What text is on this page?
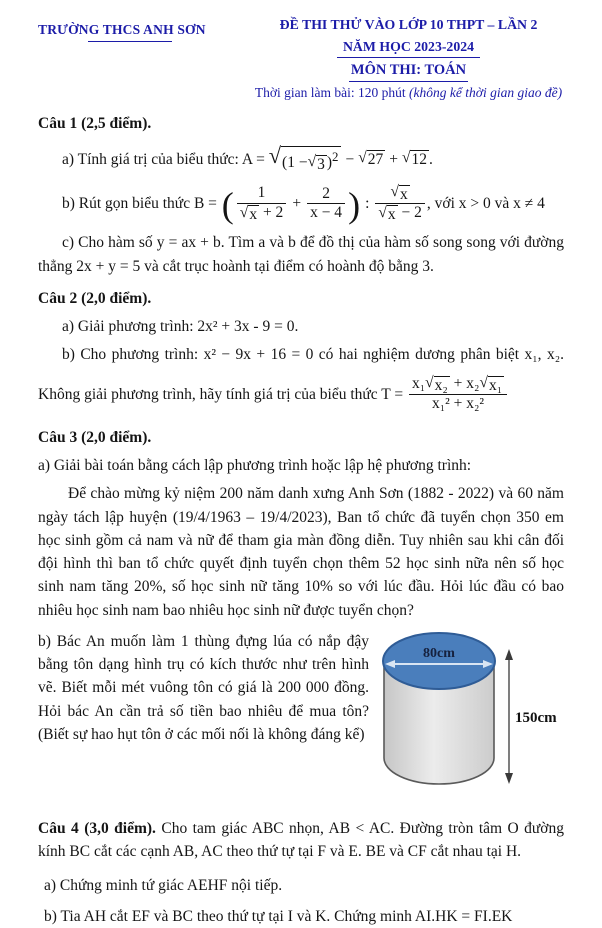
TRƯỜNG THCS ANH SƠN	ĐỀ THI THỬ VÀO LỚP 10 THPT – LẦN 2
NĂM HỌC 2023-2024
MÔN THI: TOÁN
Thời gian làm bài: 120 phút (không kể thời gian giao đề)

Câu 1 (2,5 điểm).

a) Tính giá trị của biểu thức: A =
√ (1 − √ 3 )$^2$ − √ 27 + √ 12 .
b) Rút gọn biểu thức B =
( $\frac{1}{√ x + 2} + \frac{2}{x - 4}$ ) : $\frac{√ x}{√ x - 2}$ , với x > 0 và x ≠ 4

c) Cho hàm số y = ax + b. Tìm a và b để đồ thị của hàm số song song với đường thẳng 2x + y = 5 và cắt trục hoành tại điểm có hoành độ bằng 3.

Câu 2 (2,0 điểm).

a) Giải phương trình: 2x² + 3x - 9 = 0.

b) Cho phương trình: x² − 9x + 16 = 0 có hai nghiệm dương phân biệt x₁, x₂.

Không giải phương trình, hãy tính giá trị của biểu thức T =
$\frac{\text{x₁ √ x₂ + x₂ √ x₁}}{\text{x₁² + x₂²}}$

Câu 3 (2,0 điểm).

a) Giải bài toán bằng cách lập phương trình hoặc lập hệ phương trình:

Để chào mừng kỷ niệm 200 năm danh xưng Anh Sơn (1882 - 2022) và 60 năm ngày tách lập huyện (19/4/1963 – 19/4/2023), Ban tổ chức đã tuyển chọn 350 em học sinh gồm cả nam và nữ để tham gia màn đồng diễn. Tuy nhiên sau khi cân đối đội hình thì ban tổ chức quyết định tuyển chọn thêm 52 học sinh nữa nên số học sinh nam tăng 20%, số học sinh nữ tăng 10% so với lúc đầu. Hỏi lúc đầu có bao nhiêu học sinh nam bao nhiêu học sinh nữ được tuyển chọn?

80cm
150cm

b) Bác An muốn làm 1 thùng đựng lúa có nắp đậy bằng tôn dạng hình trụ có kích thước như trên hình vẽ. Biết mỗi mét vuông tôn có giá là 200 000 đồng. Hỏi bác An cần trả số tiền bao nhiêu để mua tôn? (Biết sự hao hụt tôn ở các mối nối là không đáng kể)

Câu 4 (3,0 điểm). Cho tam giác ABC nhọn, AB < AC. Đường tròn tâm O đường kính BC cắt các cạnh AB, AC theo thứ tự tại F và E. BE và CF cắt nhau tại H.

a) Chứng minh tứ giác AEHF nội tiếp.

b) Tia AH cắt EF và BC theo thứ tự tại I và K. Chứng minh AI.HK = FI.EK
